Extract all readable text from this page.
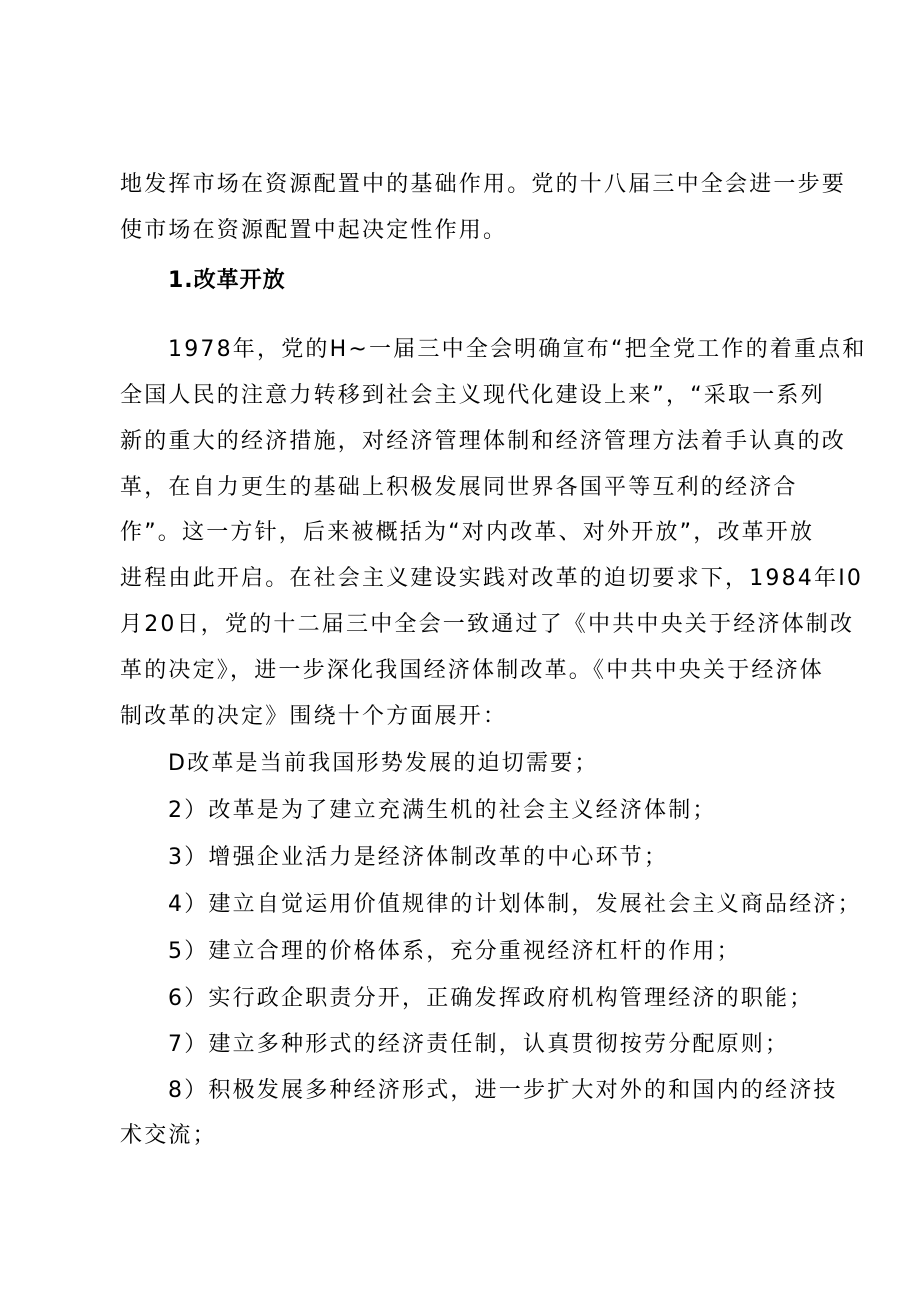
地发挥市场在资源配置中的基础作用。党的十八届三中全会进一步要
使市场在资源配置中起决定性作用。
1.改革开放
1978年，党的H~一届三中全会明确宣布“把全党工作的着重点和
全国人民的注意力转移到社会主义现代化建设上来”，“采取一系列
新的重大的经济措施，对经济管理体制和经济管理方法着手认真的改
革，在自力更生的基础上积极发展同世界各国平等互利的经济合
作”。这一方针，后来被概括为“对内改革、对外开放”，改革开放
进程由此开启。在社会主义建设实践对改革的迫切要求下，1984年I0
月20日，党的十二届三中全会一致通过了《中共中央关于经济体制改
革的决定》，进一步深化我国经济体制改革。《中共中央关于经济体
制改革的决定》围绕十个方面展开：
D改革是当前我国形势发展的迫切需要；
2）改革是为了建立充满生机的社会主义经济体制；
3）增强企业活力是经济体制改革的中心环节；
4）建立自觉运用价值规律的计划体制，发展社会主义商品经济；
5）建立合理的价格体系，充分重视经济杠杆的作用；
6）实行政企职责分开，正确发挥政府机构管理经济的职能；
7）建立多种形式的经济责任制，认真贯彻按劳分配原则；
8）积极发展多种经济形式，进一步扩大对外的和国内的经济技
术交流；
